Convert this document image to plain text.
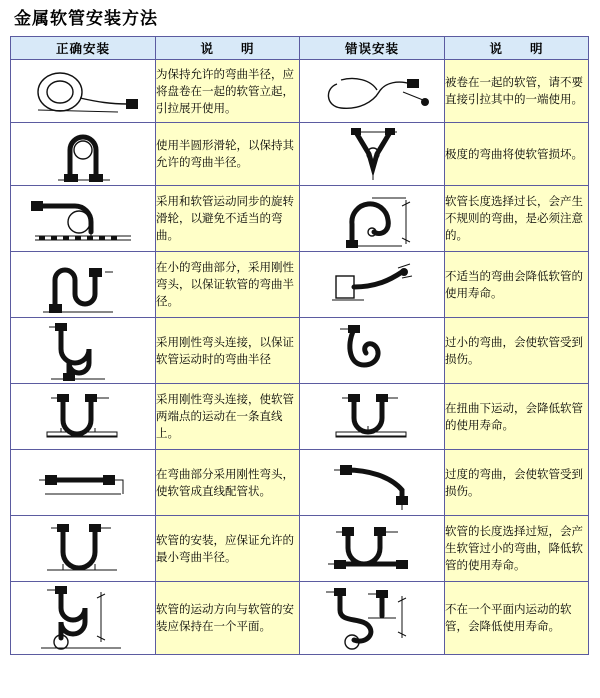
金属软管安装方法
正确安装	说　　明	错误安装	说　　明

	为保持允许的弯曲半径，应将盘卷在一起的软管立起，引拉展开使用。		被卷在一起的软管，请不要直接引拉其中的一端使用。

	使用半圆形滑轮，以保持其允许的弯曲半径。		极度的弯曲将使软管损坏。

	采用和软管运动同步的旋转滑轮，以避免不适当的弯曲。		软管长度选择过长，会产生不规则的弯曲，是必须注意的。

	在小的弯曲部分，采用刚性弯头，以保证软管的弯曲半径。		不适当的弯曲会降低软管的使用寿命。

	采用刚性弯头连接，以保证软管运动时的弯曲半径		过小的弯曲，会使软管受到损伤。

	采用刚性弯头连接，使软管两端点的运动在一条直线上。		在扭曲下运动，会降低软管的使用寿命。

	在弯曲部分采用刚性弯头，使软管成直线配管状。		过度的弯曲，会使软管受到损伤。

	软管的安装，应保证允许的最小弯曲半径。		软管的长度选择过短，会产生软管过小的弯曲，降低软管的使用寿命。

	软管的运动方向与软管的安装应保持在一个平面。		不在一个平面内运动的软管，会降低使用寿命。
